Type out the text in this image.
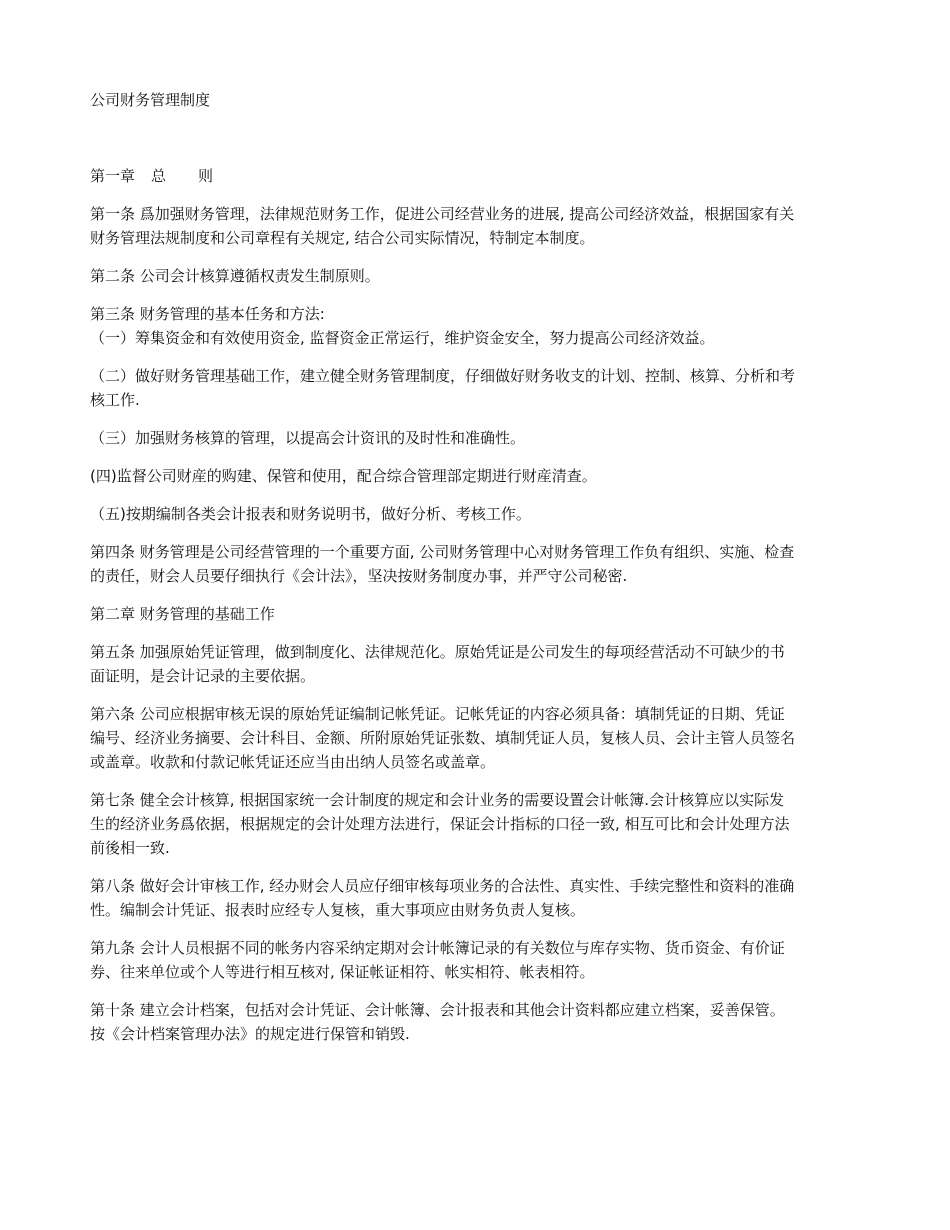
公司财务管理制度
第一章 总 则
第一条 爲加强财务管理，法律规范财务工作，促进公司经营业务的进展, 提高公司经济效益，根据国家有关
财务管理法规制度和公司章程有关规定, 结合公司实际情况，特制定本制度。
第二条 公司会计核算遵循权责发生制原则。
第三条 财务管理的基本任务和方法:
（一）筹集资金和有效使用资金, 监督资金正常运行，维护资金安全，努力提高公司经济效益。
（二）做好财务管理基础工作，建立健全财务管理制度，仔细做好财务收支的计划、控制、核算、分析和考
核工作.
（三）加强财务核算的管理，以提高会计资讯的及时性和准确性。
(四)监督公司财産的购建、保管和使用，配合综合管理部定期进行财産清查。
（五)按期编制各类会计报表和财务说明书，做好分析、考核工作。
第四条 财务管理是公司经营管理的一个重要方面, 公司财务管理中心对财务管理工作负有组织、实施、检查
的责任，财会人员要仔细执行《会计法》，坚决按财务制度办事，并严守公司秘密.
第二章 财务管理的基础工作
第五条 加强原始凭证管理，做到制度化、法律规范化。原始凭证是公司发生的每项经营活动不可缺少的书
面证明，是会计记录的主要依据。
第六条 公司应根据审核无误的原始凭证编制记帐凭证。记帐凭证的内容必须具备：填制凭证的日期、凭证
编号、经济业务摘要、会计科目、金额、所附原始凭证张数、填制凭证人员，复核人员、会计主管人员签名
或盖章。收款和付款记帐凭证还应当由出纳人员签名或盖章。
第七条 健全会计核算, 根据国家统一会计制度的规定和会计业务的需要设置会计帐簿.会计核算应以实际发
生的经济业务爲依据，根据规定的会计处理方法进行，保证会计指标的口径一致, 相互可比和会计处理方法
前後相一致.
第八条 做好会计审核工作, 经办财会人员应仔细审核每项业务的合法性、真实性、手续完整性和资料的准确
性。编制会计凭证、报表时应经专人复核，重大事项应由财务负责人复核。
第九条 会计人员根据不同的帐务内容采纳定期对会计帐簿记录的有关数位与库存实物、货币资金、有价证
券、往来单位或个人等进行相互核对, 保证帐证相符、帐实相符、帐表相符。
第十条 建立会计档案，包括对会计凭证、会计帐簿、会计报表和其他会计资料都应建立档案，妥善保管。
按《会计档案管理办法》的规定进行保管和销毁.
